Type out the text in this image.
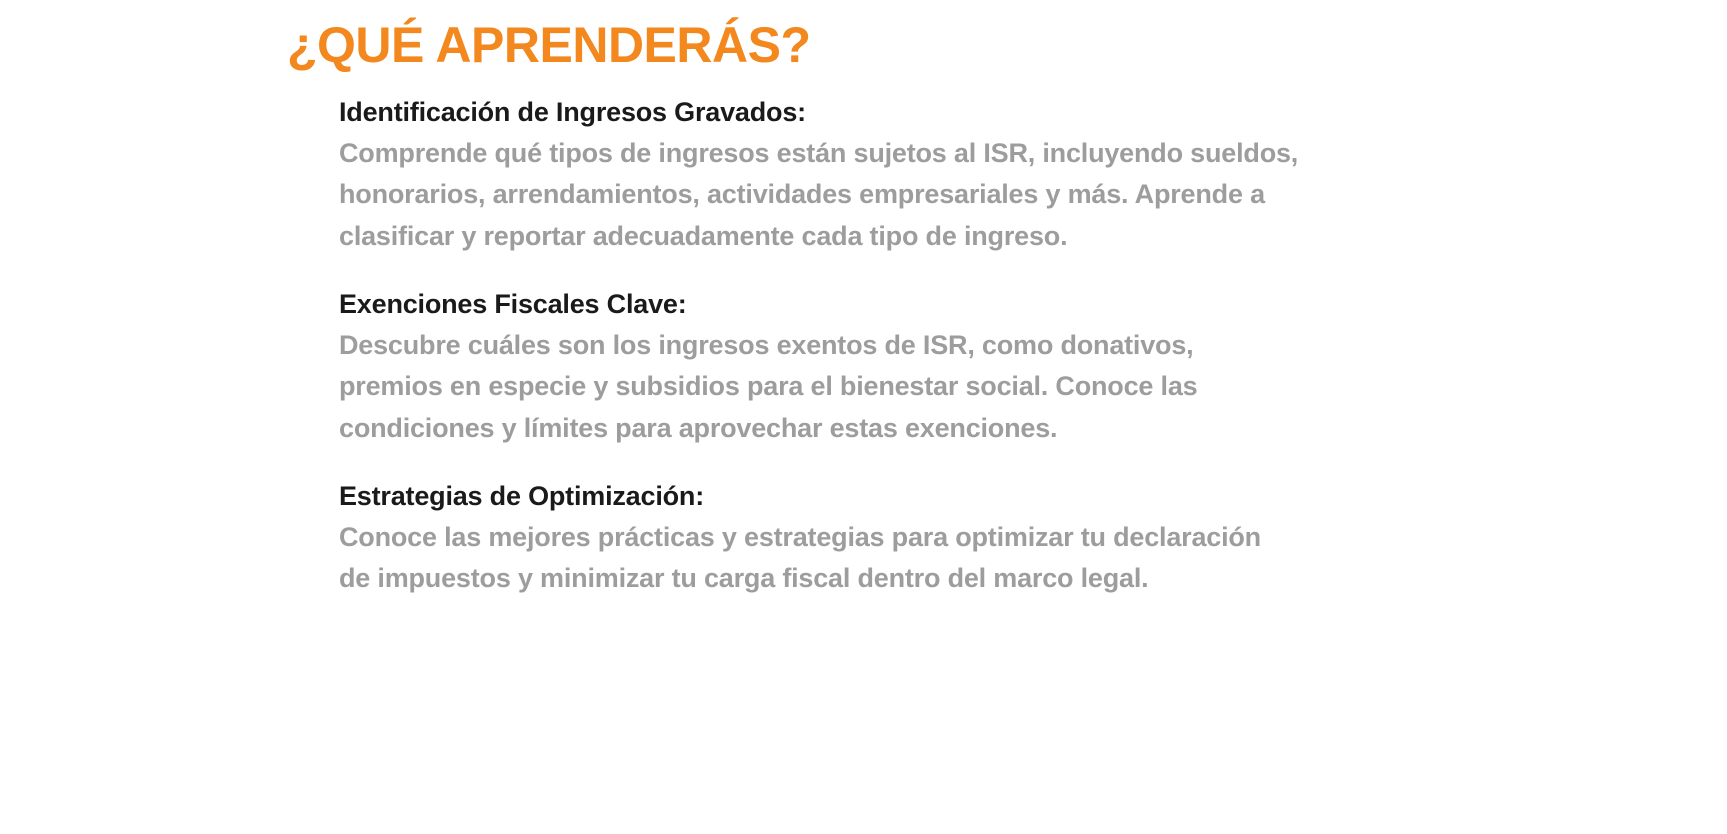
¿QUÉ APRENDERÁS?
Identificación de Ingresos Gravados:
Comprende qué tipos de ingresos están sujetos al ISR, incluyendo sueldos, honorarios, arrendamientos, actividades empresariales y más. Aprende a clasificar y reportar adecuadamente cada tipo de ingreso.
Exenciones Fiscales Clave:
Descubre cuáles son los ingresos exentos de ISR, como donativos, premios en especie y subsidios para el bienestar social. Conoce las condiciones y límites para aprovechar estas exenciones.
Estrategias de Optimización:
Conoce las mejores prácticas y estrategias para optimizar tu declaración de impuestos y minimizar tu carga fiscal dentro del marco legal.
